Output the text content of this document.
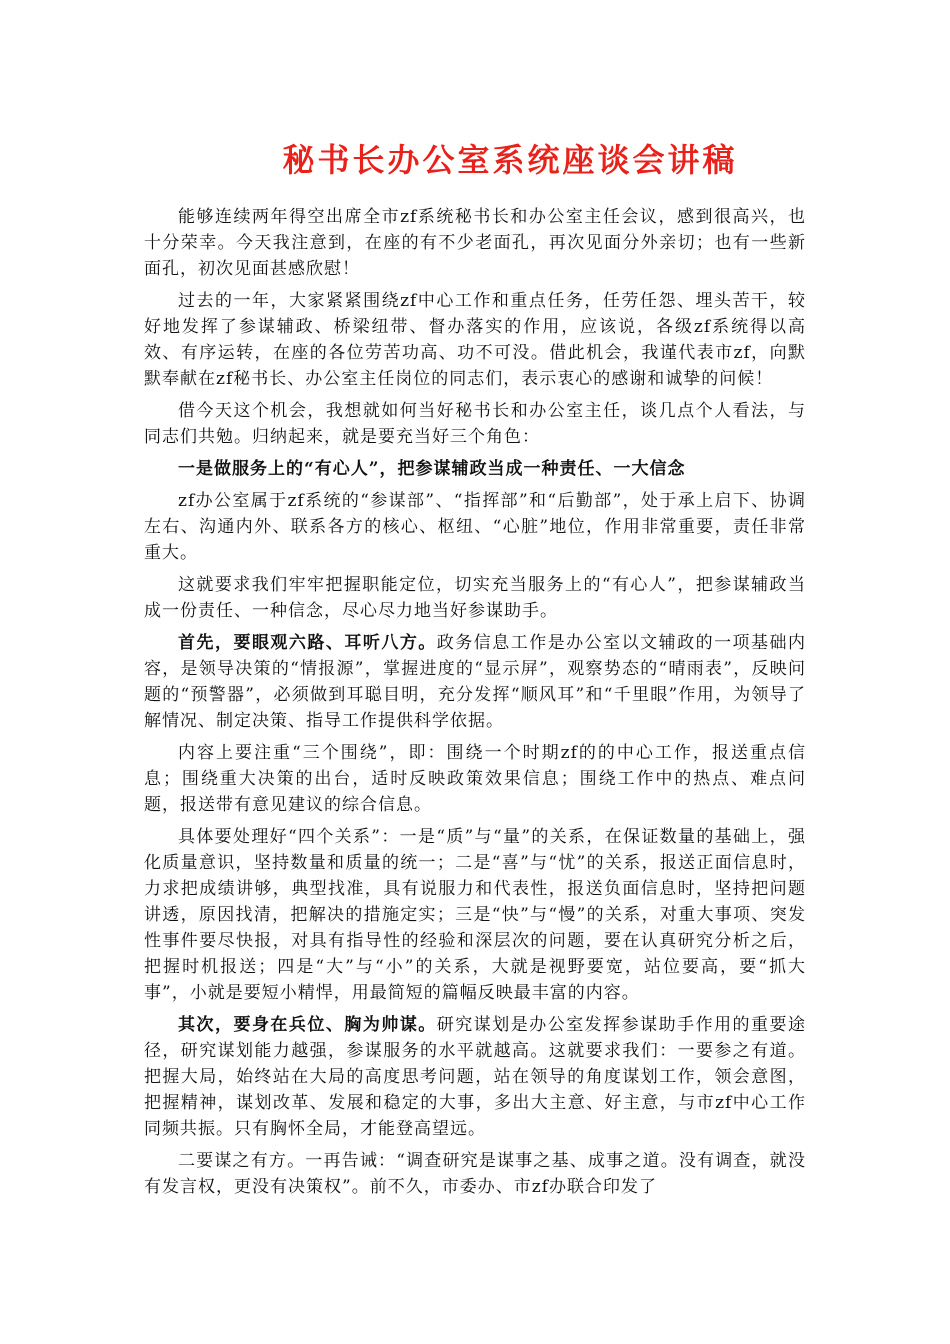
秘书长办公室系统座谈会讲稿

能够连续两年得空出席全市zf系统秘书长和办公室主任会议，感到很高兴，也十分荣幸。今天我注意到，在座的有不少老面孔，再次见面分外亲切；也有一些新面孔，初次见面甚感欣慰！

过去的一年，大家紧紧围绕zf中心工作和重点任务，任劳任怨、埋头苦干，较好地发挥了参谋辅政、桥梁纽带、督办落实的作用，应该说，各级zf系统得以高效、有序运转，在座的各位劳苦功高、功不可没。借此机会，我谨代表市zf，向默默奉献在zf秘书长、办公室主任岗位的同志们，表示衷心的感谢和诚挚的问候！

借今天这个机会，我想就如何当好秘书长和办公室主任，谈几点个人看法，与同志们共勉。归纳起来，就是要充当好三个角色：

一是做服务上的“有心人”，把参谋辅政当成一种责任、一大信念

zf办公室属于zf系统的“参谋部”、“指挥部”和“后勤部”，处于承上启下、协调左右、沟通内外、联系各方的核心、枢纽、“心脏”地位，作用非常重要，责任非常重大。

这就要求我们牢牢把握职能定位，切实充当服务上的“有心人”，把参谋辅政当成一份责任、一种信念，尽心尽力地当好参谋助手。

首先，要眼观六路、耳听八方。政务信息工作是办公室以文辅政的一项基础内容，是领导决策的“情报源”，掌握进度的“显示屏”，观察势态的“晴雨表”，反映问题的“预警器”，必须做到耳聪目明，充分发挥“顺风耳”和“千里眼”作用，为领导了解情况、制定决策、指导工作提供科学依据。

内容上要注重“三个围绕”，即：围绕一个时期zf的的中心工作，报送重点信息；围绕重大决策的出台，适时反映政策效果信息；围绕工作中的热点、难点问题，报送带有意见建议的综合信息。

具体要处理好“四个关系”：一是“质”与“量”的关系，在保证数量的基础上，强化质量意识，坚持数量和质量的统一；二是“喜”与“忧”的关系，报送正面信息时，力求把成绩讲够，典型找准，具有说服力和代表性，报送负面信息时，坚持把问题讲透，原因找清，把解决的措施定实；三是“快”与“慢”的关系，对重大事项、突发性事件要尽快报，对具有指导性的经验和深层次的问题，要在认真研究分析之后，把握时机报送；四是“大”与“小”的关系，大就是视野要宽，站位要高，要“抓大事”，小就是要短小精悍，用最简短的篇幅反映最丰富的内容。

其次，要身在兵位、胸为帅谋。研究谋划是办公室发挥参谋助手作用的重要途径，研究谋划能力越强，参谋服务的水平就越高。这就要求我们：一要参之有道。把握大局，始终站在大局的高度思考问题，站在领导的角度谋划工作，领会意图，把握精神，谋划改革、发展和稳定的大事，多出大主意、好主意，与市zf中心工作同频共振。只有胸怀全局，才能登高望远。

二要谋之有方。一再告诫：“调查研究是谋事之基、成事之道。没有调查，就没有发言权，更没有决策权”。前不久，市委办、市zf办联合印发了
